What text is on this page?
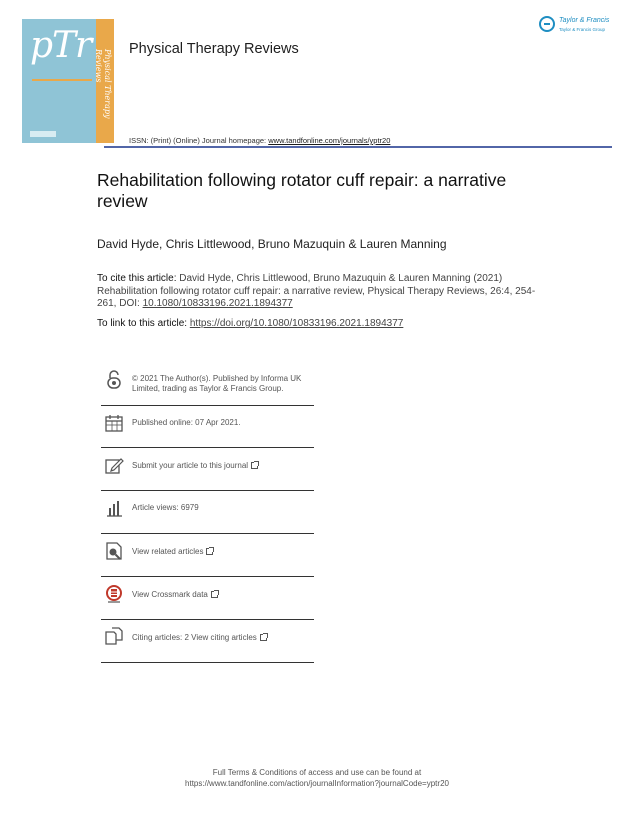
pTr
Physical Therapy Reviews	Physical Therapy Reviews
ISSN: (Print) (Online) Journal homepage: www.tandfonline.com/journals/yptr20
Taylor & Francis
Taylor & Francis Group
Rehabilitation following rotator cuff repair: a narrative review
David Hyde, Chris Littlewood, Bruno Mazuquin & Lauren Manning
To cite this article: David Hyde, Chris Littlewood, Bruno Mazuquin & Lauren Manning (2021) Rehabilitation following rotator cuff repair: a narrative review, Physical Therapy Reviews, 26:4, 254-261, DOI: 10.1080/10833196.2021.1894377
To link to this article: https://doi.org/10.1080/10833196.2021.1894377
© 2021 The Author(s). Published by Informa UK Limited, trading as Taylor & Francis Group.
Published online: 07 Apr 2021.
Submit your article to this journal
Article views: 6979
View related articles
View Crossmark data
Citing articles: 2 View citing articles
Full Terms & Conditions of access and use can be found at
https://www.tandfonline.com/action/journalInformation?journalCode=yptr20
